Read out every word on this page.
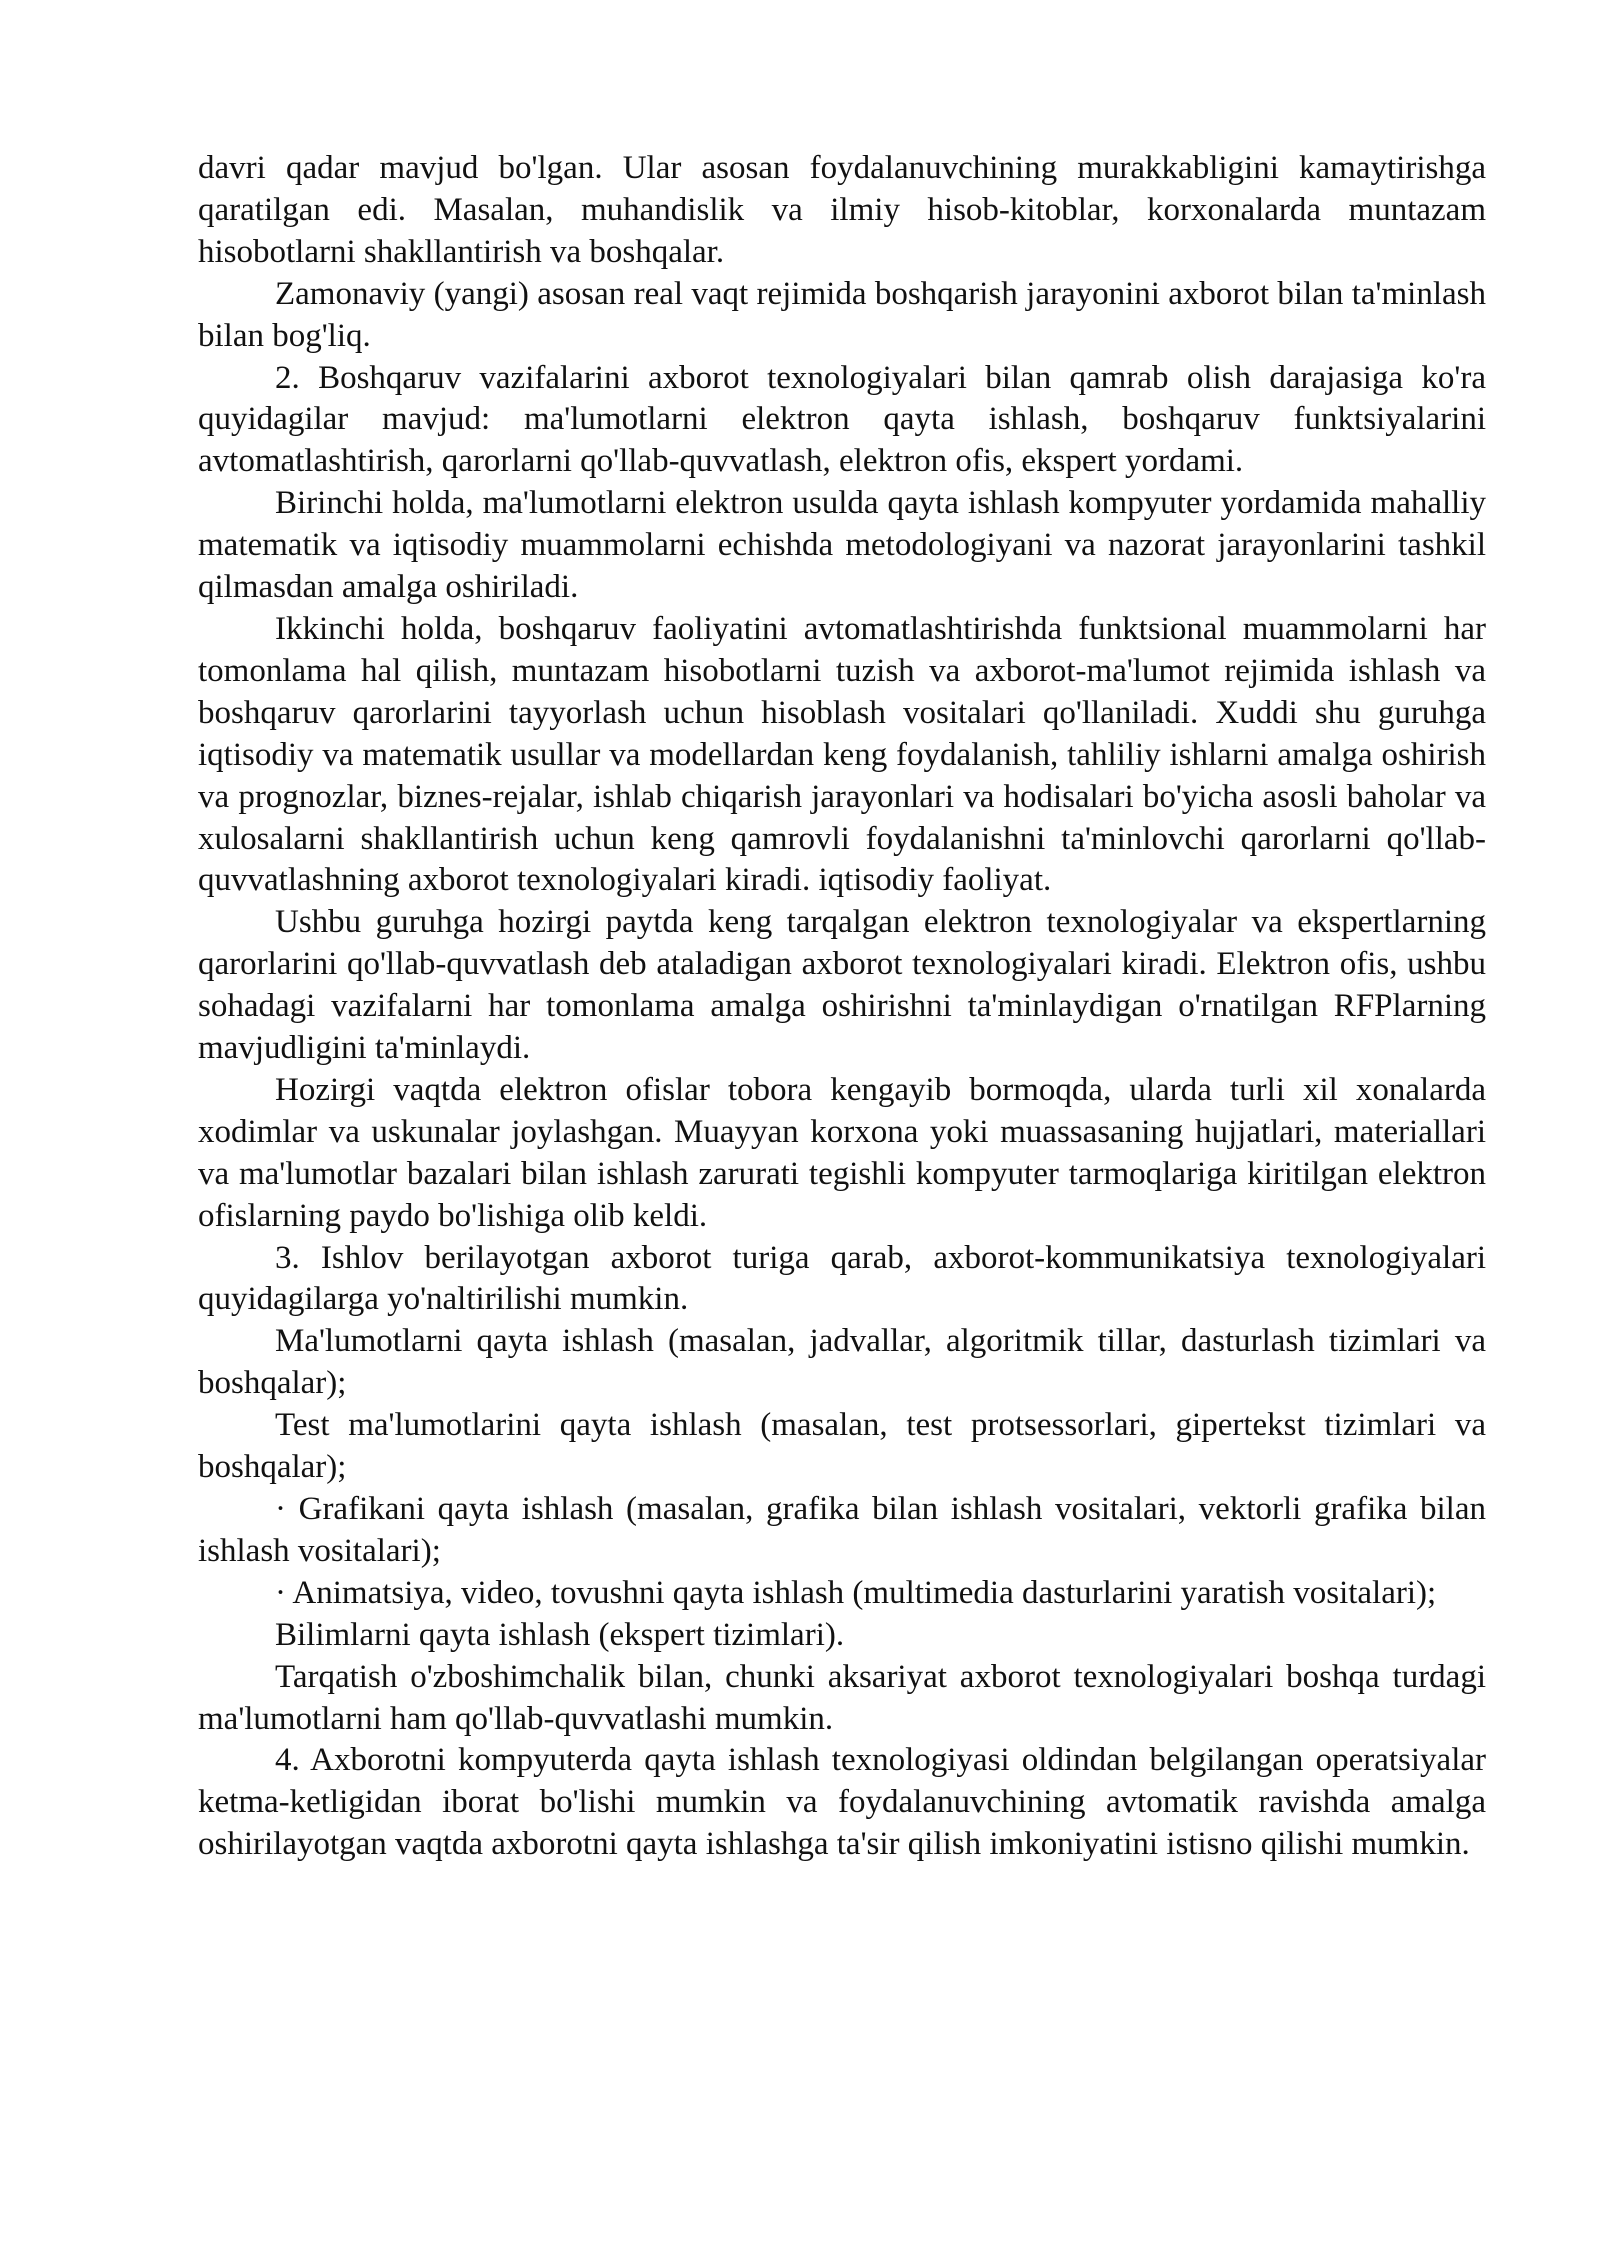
davri qadar mavjud bo'lgan. Ular asosan foydalanuvchining murakkabligini kamaytirishga qaratilgan edi. Masalan, muhandislik va ilmiy hisob-kitoblar, korxonalarda muntazam hisobotlarni shakllantirish va boshqalar.

Zamonaviy (yangi) asosan real vaqt rejimida boshqarish jarayonini axborot bilan ta'minlash bilan bog'liq.

2. Boshqaruv vazifalarini axborot texnologiyalari bilan qamrab olish darajasiga ko'ra quyidagilar mavjud: ma'lumotlarni elektron qayta ishlash, boshqaruv funktsiyalarini avtomatlashtirish, qarorlarni qo'llab-quvvatlash, elektron ofis, ekspert yordami.

Birinchi holda, ma'lumotlarni elektron usulda qayta ishlash kompyuter yordamida mahalliy matematik va iqtisodiy muammolarni echishda metodologiyani va nazorat jarayonlarini tashkil qilmasdan amalga oshiriladi.

Ikkinchi holda, boshqaruv faoliyatini avtomatlashtirishda funktsional muammolarni har tomonlama hal qilish, muntazam hisobotlarni tuzish va axborot-ma'lumot rejimida ishlash va boshqaruv qarorlarini tayyorlash uchun hisoblash vositalari qo'llaniladi. Xuddi shu guruhga iqtisodiy va matematik usullar va modellardan keng foydalanish, tahliliy ishlarni amalga oshirish va prognozlar, biznes-rejalar, ishlab chiqarish jarayonlari va hodisalari bo'yicha asosli baholar va xulosalarni shakllantirish uchun keng qamrovli foydalanishni ta'minlovchi qarorlarni qo'llab-quvvatlashning axborot texnologiyalari kiradi. iqtisodiy faoliyat.

Ushbu guruhga hozirgi paytda keng tarqalgan elektron texnologiyalar va ekspertlarning qarorlarini qo'llab-quvvatlash deb ataladigan axborot texnologiyalari kiradi. Elektron ofis, ushbu sohadagi vazifalarni har tomonlama amalga oshirishni ta'minlaydigan o'rnatilgan RFPlarning mavjudligini ta'minlaydi.

Hozirgi vaqtda elektron ofislar tobora kengayib bormoqda, ularda turli xil xonalarda xodimlar va uskunalar joylashgan. Muayyan korxona yoki muassasaning hujjatlari, materiallari va ma'lumotlar bazalari bilan ishlash zarurati tegishli kompyuter tarmoqlariga kiritilgan elektron ofislarning paydo bo'lishiga olib keldi.

3. Ishlov berilayotgan axborot turiga qarab, axborot-kommunikatsiya texnologiyalari quyidagilarga yo'naltirilishi mumkin.

Ma'lumotlarni qayta ishlash (masalan, jadvallar, algoritmik tillar, dasturlash tizimlari va boshqalar);

Test ma'lumotlarini qayta ishlash (masalan, test protsessorlari, gipertekst tizimlari va boshqalar);

· Grafikani qayta ishlash (masalan, grafika bilan ishlash vositalari, vektorli grafika bilan ishlash vositalari);

· Animatsiya, video, tovushni qayta ishlash (multimedia dasturlarini yaratish vositalari);

Bilimlarni qayta ishlash (ekspert tizimlari).

Tarqatish o'zboshimchalik bilan, chunki aksariyat axborot texnologiyalari boshqa turdagi ma'lumotlarni ham qo'llab-quvvatlashi mumkin.

4. Axborotni kompyuterda qayta ishlash texnologiyasi oldindan belgilangan operatsiyalar ketma-ketligidan iborat bo'lishi mumkin va foydalanuvchining avtomatik ravishda amalga oshirilayotgan vaqtda axborotni qayta ishlashga ta'sir qilish imkoniyatini istisno qilishi mumkin.
